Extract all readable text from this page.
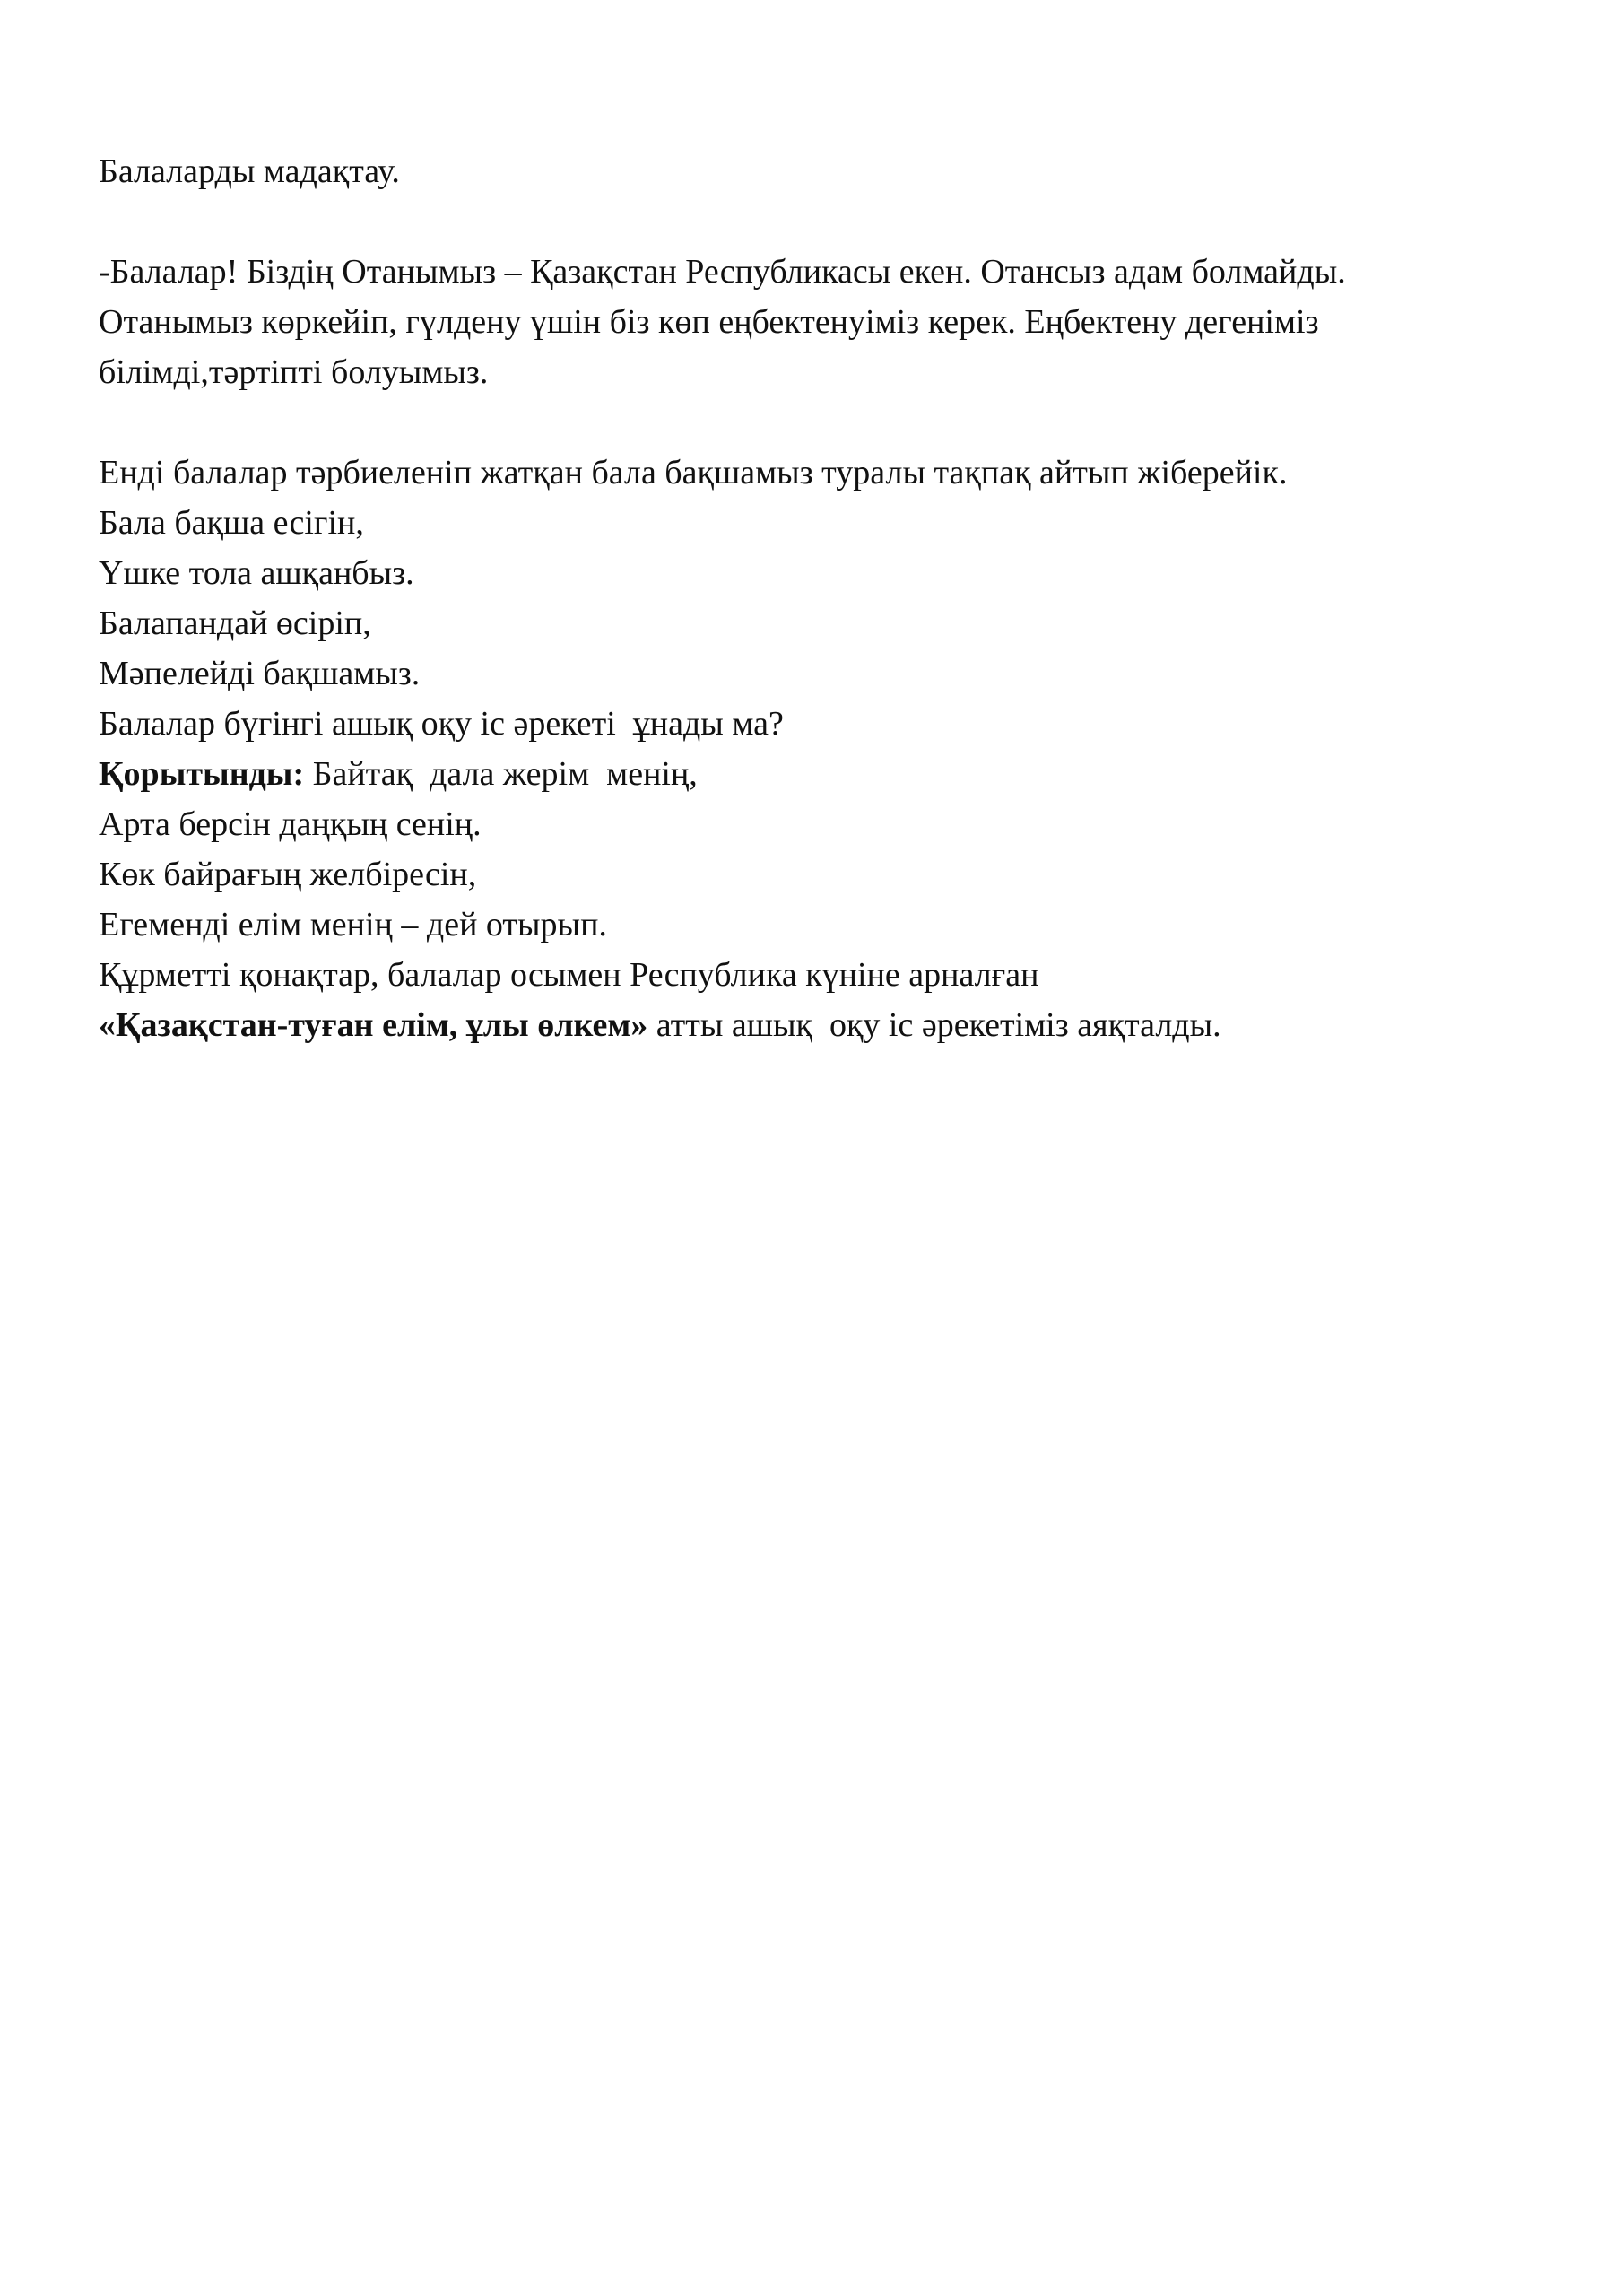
Балаларды мадақтау.

-Балалар! Біздің Отанымыз – Қазақстан Республикасы екен. Отансыз адам болмайды.

Отанымыз көркейіп, гүлдену үшін біз көп еңбектенуіміз керек. Еңбектену дегеніміз

білімді,тәртіпті болуымыз.

Енді балалар тәрбиеленіп жатқан бала бақшамыз туралы тақпақ айтып жіберейік.

Бала бақша есігін,

Үшке тола ашқанбыз.

Балапандай өсіріп,

Мәпелейді бақшамыз.

Балалар бүгінгі ашық оқу іс әрекеті  ұнады ма?

Қорытынды: Байтақ  дала жерім  менің,

Арта берсін даңқың сенің.

Көк байрағың желбіресін,

Егеменді елім менің – дей отырып.

Құрметті қонақтар, балалар осымен Республика күніне арналған

«Қазақстан-туған елім, ұлы өлкем» атты ашық  оқу іс әрекетіміз аяқталды.
